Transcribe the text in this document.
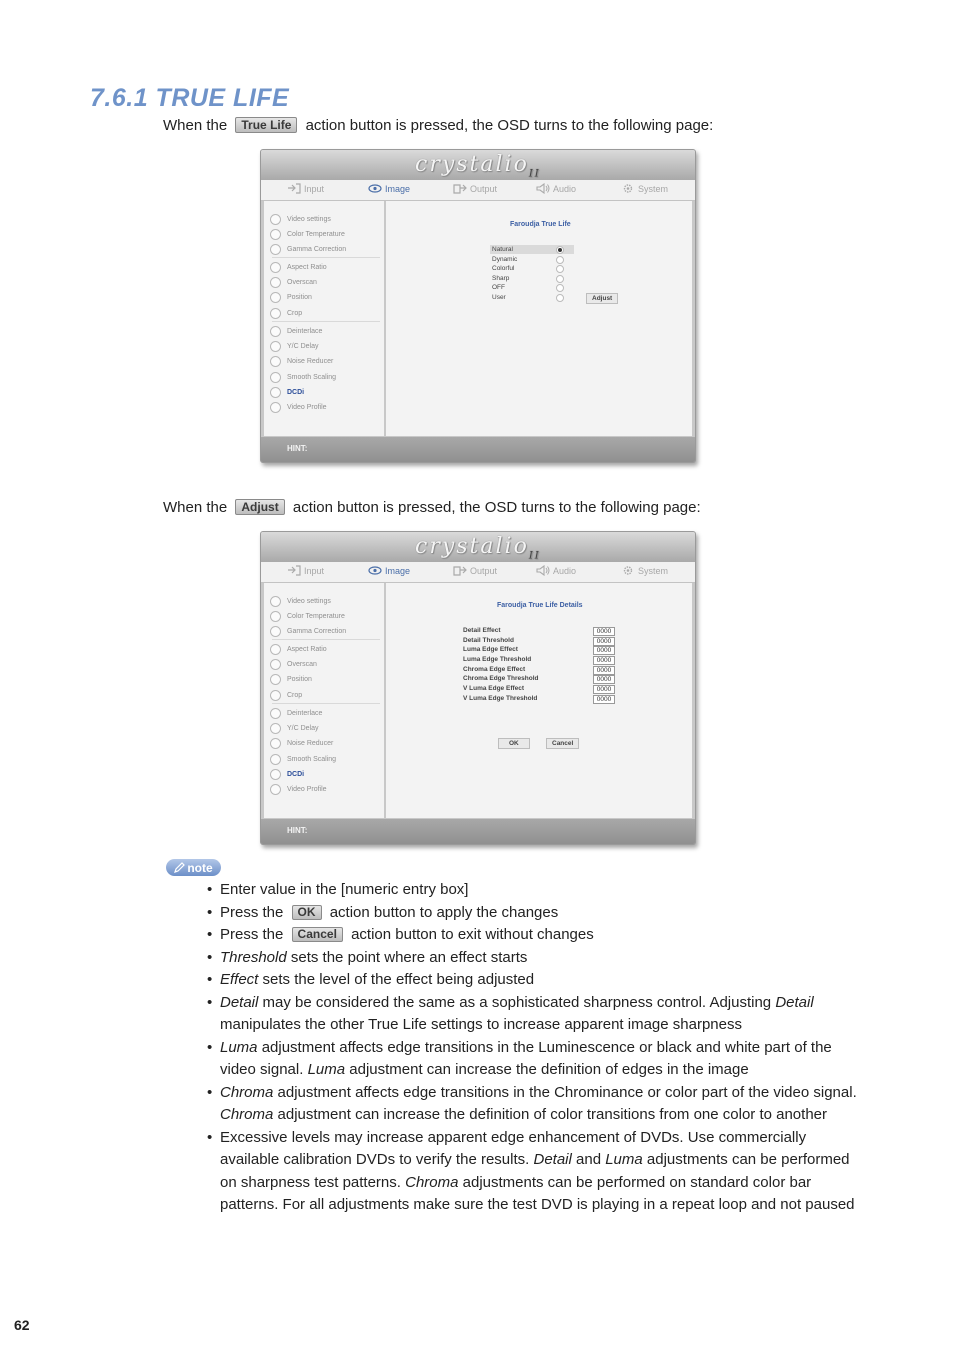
7.6.1 TRUE LIFE
When the True Life action button is pressed, the OSD turns to the following page:
crystalio$_{II}$
Input	Image	Output	Audio	System
Video settings
Color Temperature
Gamma Correction
Aspect Ratio
Overscan
Position
Crop
Deinterlace
Y/C Delay
Noise Reducer
Smooth Scaling
DCDi
Video Profile
Faroudja True Life
Natural
Dynamic
Colorful
Sharp
OFF
User	Adjust
HINT:
When the Adjust action button is pressed, the OSD turns to the following page:
crystalio$_{II}$
Input	Image	Output	Audio	System
Video settings
Color Temperature
Gamma Correction
Aspect Ratio
Overscan
Position
Crop
Deinterlace
Y/C Delay
Noise Reducer
Smooth Scaling
DCDi
Video Profile
Faroudja True Life Details
Detail Effect	0000
Detail Threshold	0000
Luma Edge Effect	0000
Luma Edge Threshold	0000
Chroma Edge Effect	0000
Chroma Edge Threshold	0000
V Luma Edge Effect	0000
V Luma Edge Threshold	0000
OK	Cancel
HINT:
note
• Enter value in the [numeric entry box]
• Press the OK action button to apply the changes
• Press the Cancel action button to exit without changes
• Threshold sets the point where an effect starts
• Effect sets the level of the effect being adjusted
• Detail may be considered the same as a sophisticated sharpness control. Adjusting Detail manipulates the other True Life settings to increase apparent image sharpness
• Luma adjustment affects edge transitions in the Luminescence or black and white part of the video signal. Luma adjustment can increase the definition of edges in the image
• Chroma adjustment affects edge transitions in the Chrominance or color part of the video signal. Chroma adjustment can increase the definition of color transitions from one color to another
• Excessive levels may increase apparent edge enhancement of DVDs. Use commercially available calibration DVDs to verify the results. Detail and Luma adjustments can be performed on sharpness test patterns. Chroma adjustments can be performed on standard color bar patterns. For all adjustments make sure the test DVD is playing in a repeat loop and not paused
62
